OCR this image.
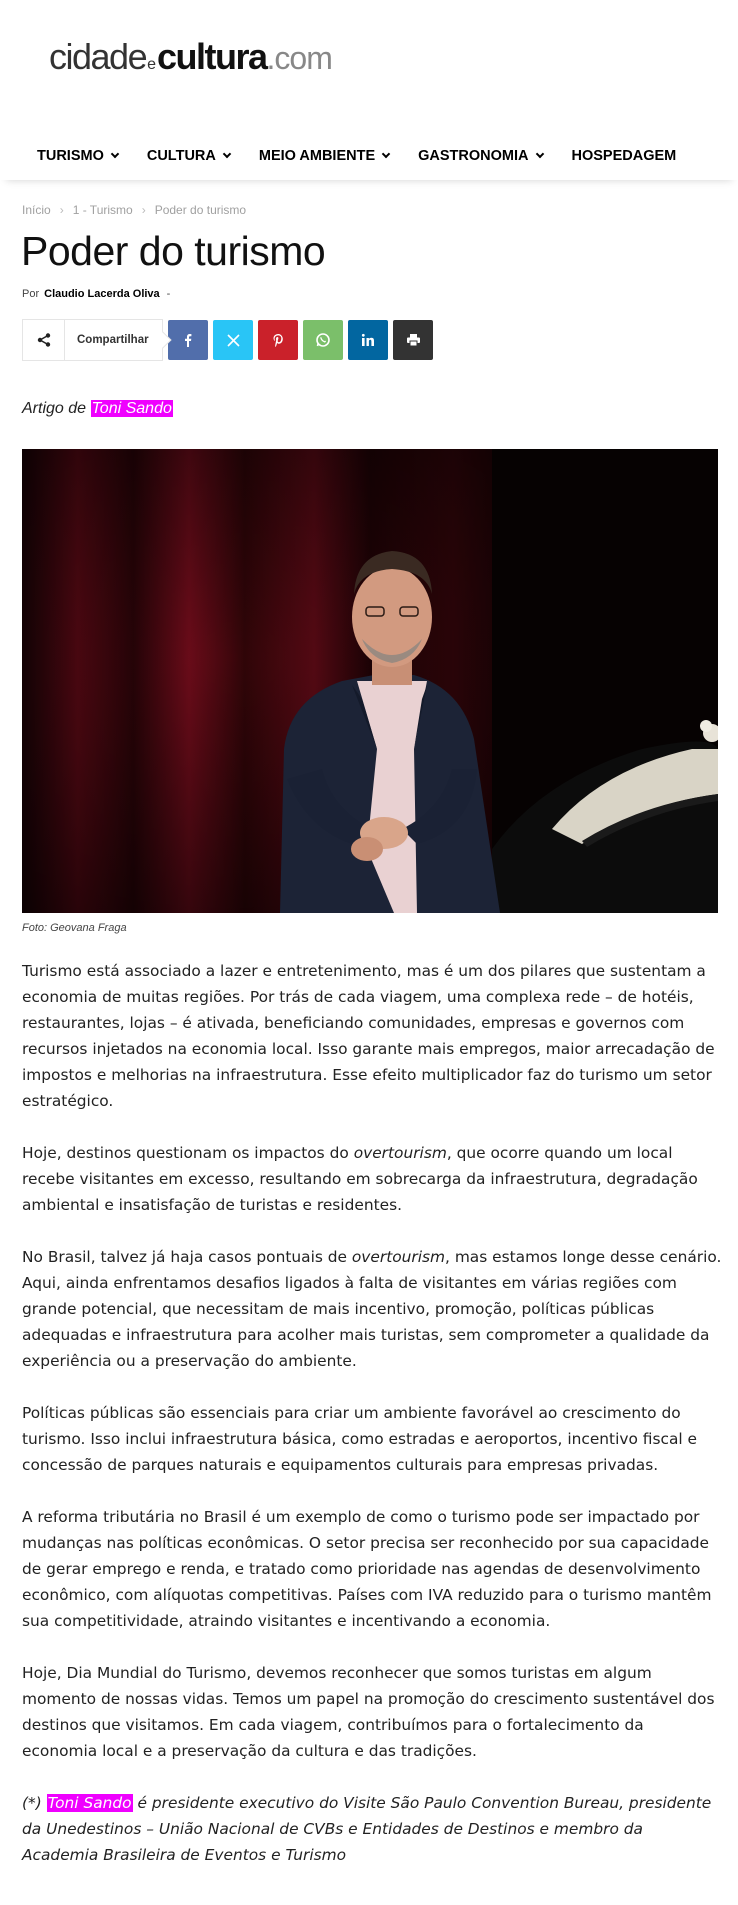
cidade e cultura .com
TURISMO	CULTURA	MEIO AMBIENTE	GASTRONOMIA	HOSPEDAGEM
Início › 1 - Turismo › Poder do turismo
Poder do turismo
Por Claudio Lacerda Oliva -
Compartilhar
Artigo de Toni Sando
Foto: Geovana Fraga

Turismo está associado a lazer e entretenimento, mas é um dos pilares que sustentam a economia de muitas regiões. Por trás de cada viagem, uma complexa rede – de hotéis, restaurantes, lojas – é ativada, beneficiando comunidades, empresas e governos com recursos injetados na economia local. Isso garante mais empregos, maior arrecadação de impostos e melhorias na infraestrutura. Esse efeito multiplicador faz do turismo um setor estratégico.

Hoje, destinos questionam os impactos do overtourism, que ocorre quando um local recebe visitantes em excesso, resultando em sobrecarga da infraestrutura, degradação ambiental e insatisfação de turistas e residentes.

No Brasil, talvez já haja casos pontuais de overtourism, mas estamos longe desse cenário. Aqui, ainda enfrentamos desafios ligados à falta de visitantes em várias regiões com grande potencial, que necessitam de mais incentivo, promoção, políticas públicas adequadas e infraestrutura para acolher mais turistas, sem comprometer a qualidade da experiência ou a preservação do ambiente.

Políticas públicas são essenciais para criar um ambiente favorável ao crescimento do turismo. Isso inclui infraestrutura básica, como estradas e aeroportos, incentivo fiscal e concessão de parques naturais e equipamentos culturais para empresas privadas.

A reforma tributária no Brasil é um exemplo de como o turismo pode ser impactado por mudanças nas políticas econômicas. O setor precisa ser reconhecido por sua capacidade de gerar emprego e renda, e tratado como prioridade nas agendas de desenvolvimento econômico, com alíquotas competitivas. Países com IVA reduzido para o turismo mantêm sua competitividade, atraindo visitantes e incentivando a economia.

Hoje, Dia Mundial do Turismo, devemos reconhecer que somos turistas em algum momento de nossas vidas. Temos um papel na promoção do crescimento sustentável dos destinos que visitamos. Em cada viagem, contribuímos para o fortalecimento da economia local e a preservação da cultura e das tradições.

(*) Toni Sando é presidente executivo do Visite São Paulo Convention Bureau, presidente da Unedestinos – União Nacional de CVBs e Entidades de Destinos e membro da Academia Brasileira de Eventos e Turismo
